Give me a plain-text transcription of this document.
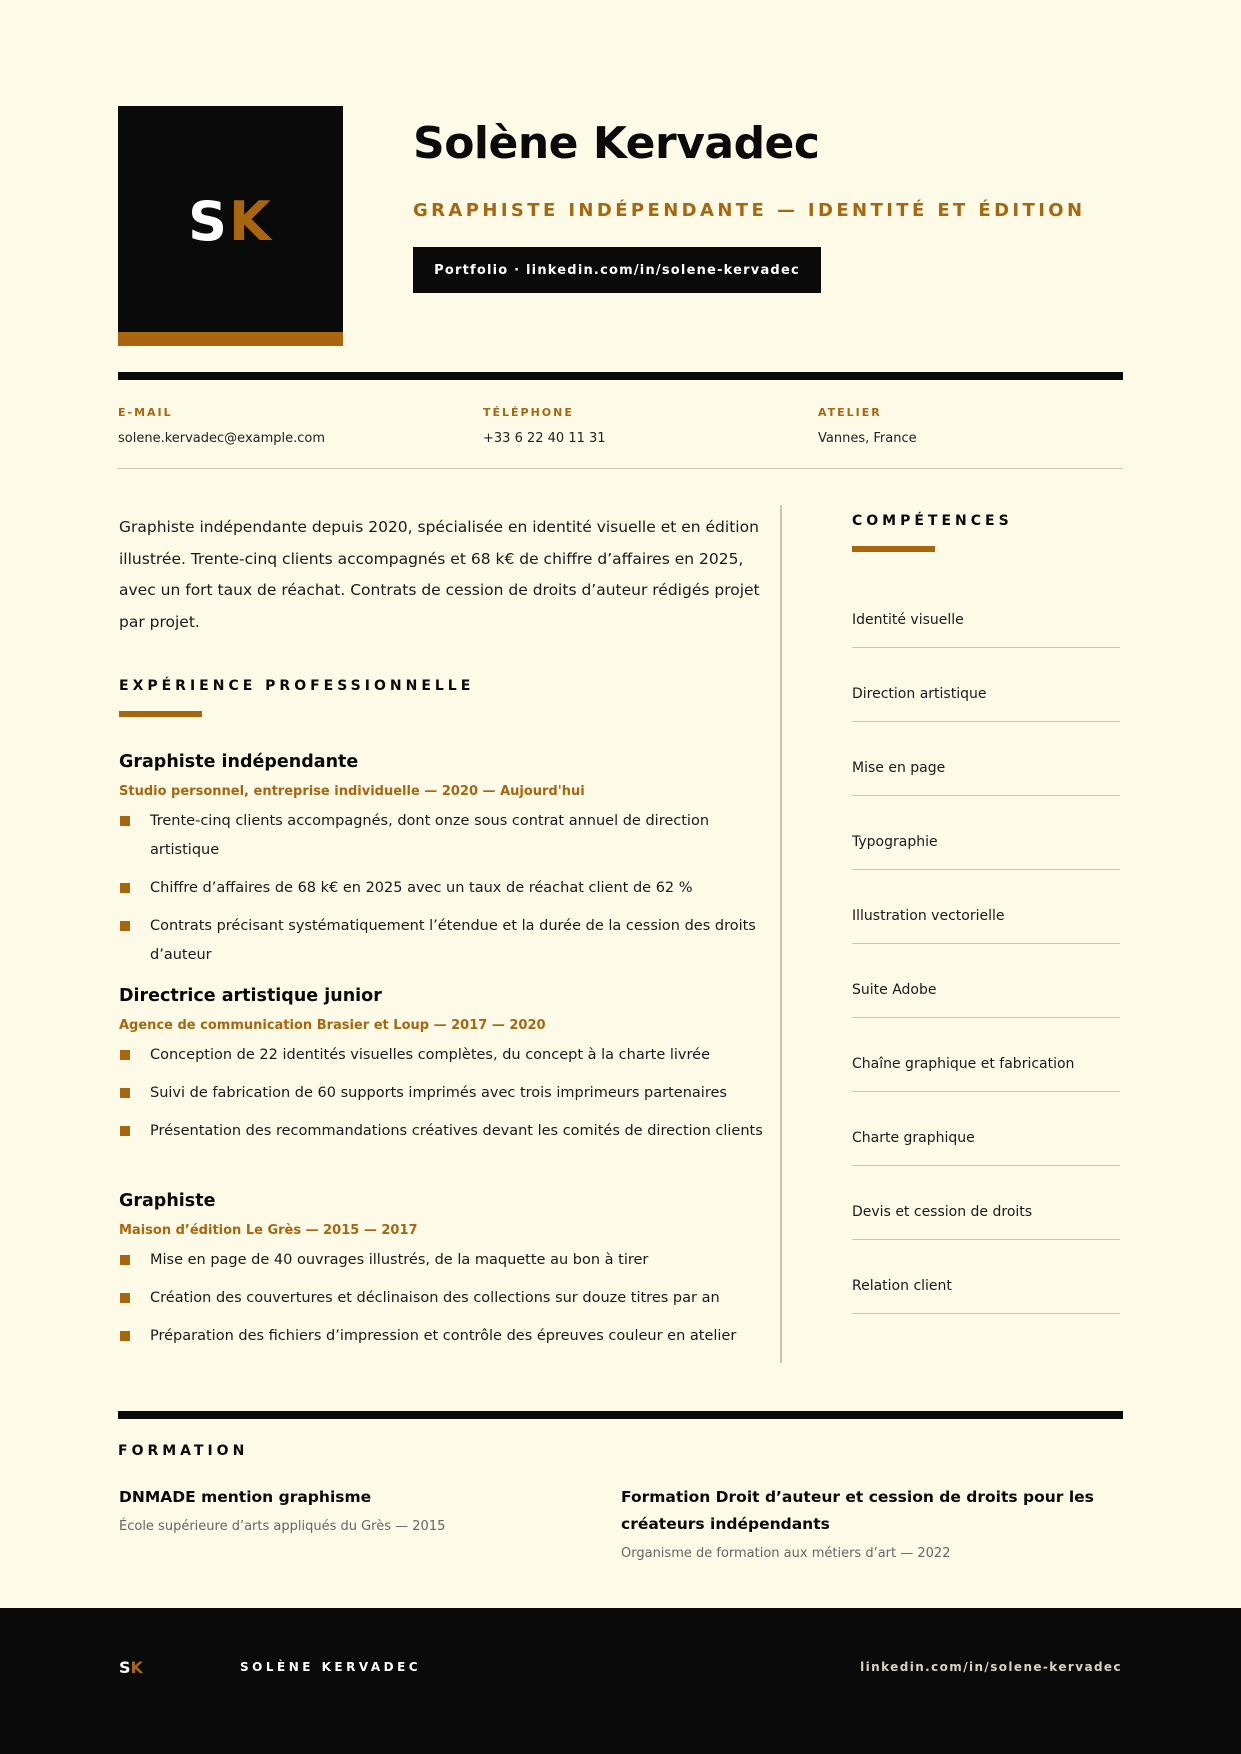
SK
Solène Kervadec
GRAPHISTE INDÉPENDANTE — IDENTITÉ ET ÉDITION
Portfolio · linkedin.com/in/solene-kervadec
E-MAIL
solene.kervadec@example.com
TÉLÉPHONE
+33 6 22 40 11 31
ATELIER
Vannes, France
Graphiste indépendante depuis 2020, spécialisée en identité visuelle et en édition illustrée. Trente-cinq clients accompagnés et 68 k€ de chiffre d’affaires en 2025, avec un fort taux de réachat. Contrats de cession de droits d’auteur rédigés projet par projet.
EXPÉRIENCE PROFESSIONNELLE
Graphiste indépendante
Studio personnel, entreprise individuelle — 2020 — Aujourd'hui
Trente-cinq clients accompagnés, dont onze sous contrat annuel de direction artistique
Chiffre d’affaires de 68 k€ en 2025 avec un taux de réachat client de 62 %
Contrats précisant systématiquement l’étendue et la durée de la cession des droits d’auteur
Directrice artistique junior
Agence de communication Brasier et Loup — 2017 — 2020
Conception de 22 identités visuelles complètes, du concept à la charte livrée
Suivi de fabrication de 60 supports imprimés avec trois imprimeurs partenaires
Présentation des recommandations créatives devant les comités de direction clients
Graphiste
Maison d’édition Le Grès — 2015 — 2017
Mise en page de 40 ouvrages illustrés, de la maquette au bon à tirer
Création des couvertures et déclinaison des collections sur douze titres par an
Préparation des fichiers d’impression et contrôle des épreuves couleur en atelier
COMPÉTENCES
Identité visuelle
Direction artistique
Mise en page
Typographie
Illustration vectorielle
Suite Adobe
Chaîne graphique et fabrication
Charte graphique
Devis et cession de droits
Relation client
FORMATION
DNMADE mention graphisme
École supérieure d’arts appliqués du Grès — 2015
Formation Droit d’auteur et cession de droits pour les créateurs indépendants
Organisme de formation aux métiers d’art — 2022
SK	SOLÈNE KERVADEC	linkedin.com/in/solene-kervadec
